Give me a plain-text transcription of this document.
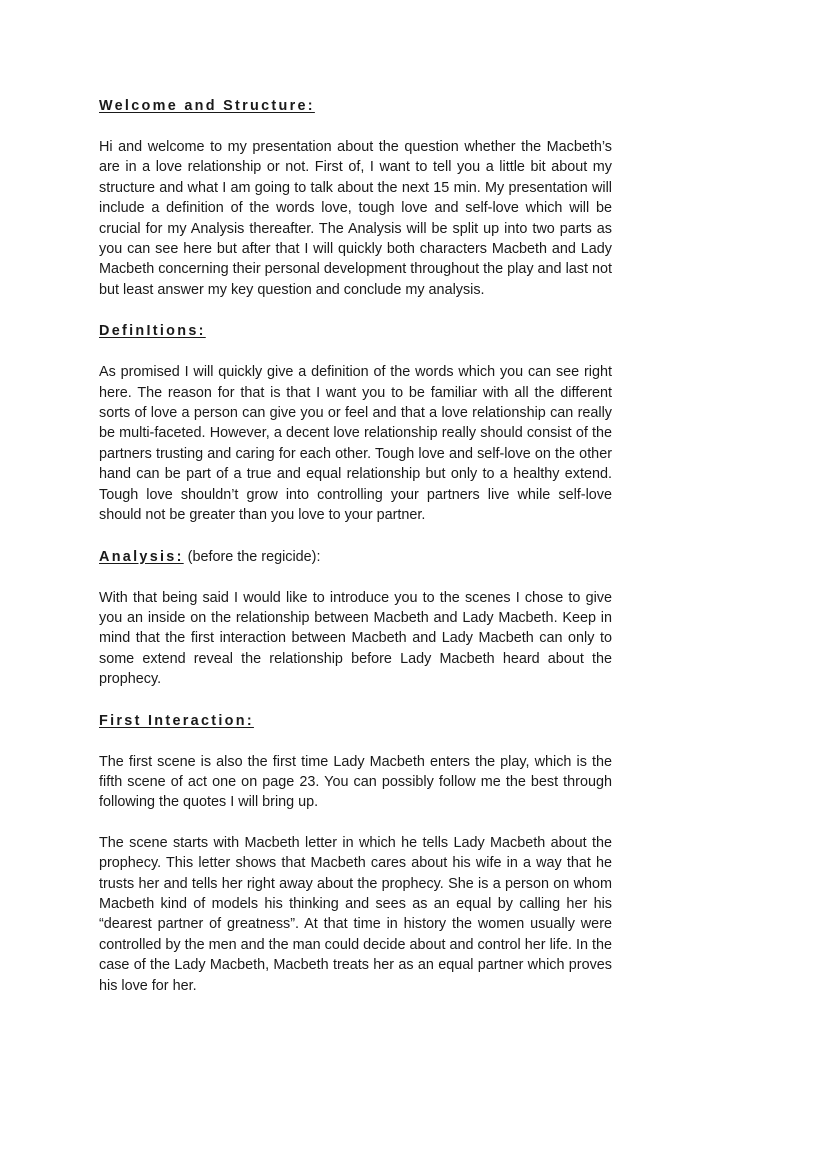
Welcome and Structure:

Hi and welcome to my presentation about the question whether the Macbeth’s are in a love relationship or not. First of, I want to tell you a little bit about my structure and what I am going to talk about the next 15 min. My presentation will include a definition of the words love, tough love and self-love which will be crucial for my Analysis thereafter. The Analysis will be split up into two parts as you can see here but after that I will quickly both characters Macbeth and Lady Macbeth concerning their personal development throughout the play and last not but least answer my key question and conclude my analysis.

DefinItions:

As promised I will quickly give a definition of the words which you can see right here. The reason for that is that I want you to be familiar with all the different sorts of love a person can give you or feel and that a love relationship can really be multi-faceted. However, a decent love relationship really should consist of the partners trusting and caring for each other. Tough love and self-love on the other hand can be part of a true and equal relationship but only to a healthy extend. Tough love shouldn’t grow into controlling your partners live while self-love should not be greater than you love to your partner.

Analysis: (before the regicide):

With that being said I would like to introduce you to the scenes I chose to give you an inside on the relationship between Macbeth and Lady Macbeth. Keep in mind that the first interaction between Macbeth and Lady Macbeth can only to some extend reveal the relationship before Lady Macbeth heard about the prophecy.

First Interaction:

The first scene is also the first time Lady Macbeth enters the play, which is the fifth scene of act one on page 23. You can possibly follow me the best through following the quotes I will bring up.

The scene starts with Macbeth letter in which he tells Lady Macbeth about the prophecy. This letter shows that Macbeth cares about his wife in a way that he trusts her and tells her right away about the prophecy. She is a person on whom Macbeth kind of models his thinking and sees as an equal by calling her his “dearest partner of greatness”. At that time in history the women usually were controlled by the men and the man could decide about and control her life. In the case of the Lady Macbeth, Macbeth treats her as an equal partner which proves his love for her.
